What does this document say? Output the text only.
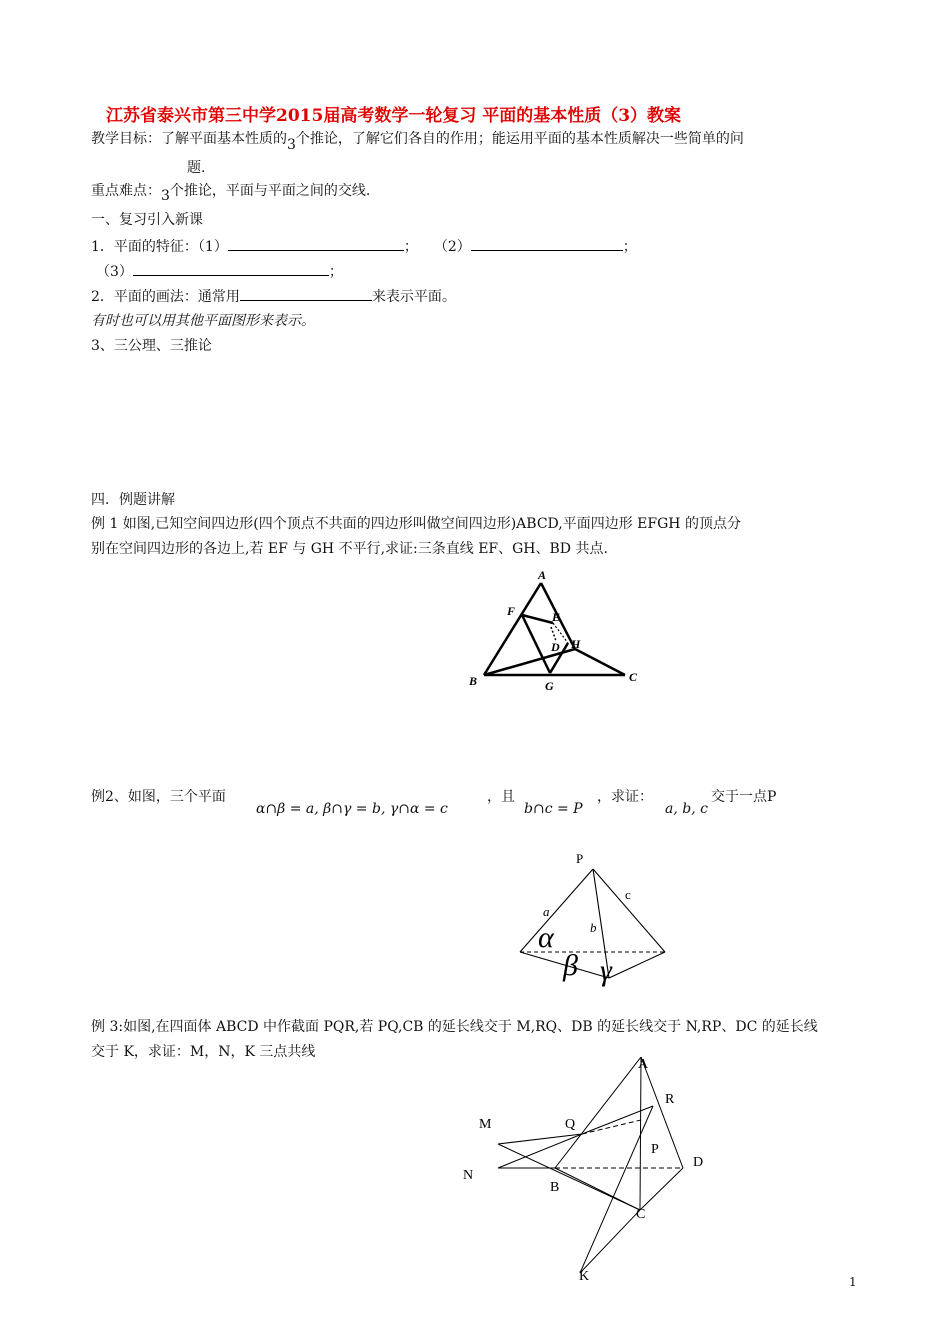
江苏省泰兴市第三中学2015届高考数学一轮复习 平面的基本性质（3）教案
教学目标：了解平面基本性质的3个推论，了解它们各自的作用；能运用平面的基本性质解决一些简单的问
题.
重点难点：3个推论，平面与平面之间的交线.
一、复习引入新课
1．平面的特征：（1）	； （2）	；
（3）	；
2．平面的画法：通常用	来表示平面。
有时也可以用其他平面图形来表示。
3、三公理、三推论
四．例题讲解
例 1 如图,已知空间四边形(四个顶点不共面的四边形叫做空间四边形)ABCD,平面四边形 EFGH 的顶点分
别在空间四边形的各边上,若 EF 与 GH 不平行,求证:三条直线 EF、GH、BD 共点.
A
F	E
D H
B	G
C
例2、如图，三个平面
α∩β = a, β∩γ = b, γ∩α = c
，且
b∩c = P
，求证：
a, b, c
交于一点P
P
c
a
b
α
β γ
例 3:如图,在四面体 ABCD 中作截面 PQR,若 PQ,CB 的延长线交于 M,RQ、DB 的延长线交于 N,RP、DC 的延长线
交于 K，求证：M，N，K 三点共线
A
R
M	Q
P
D
N
B
C
K	1
